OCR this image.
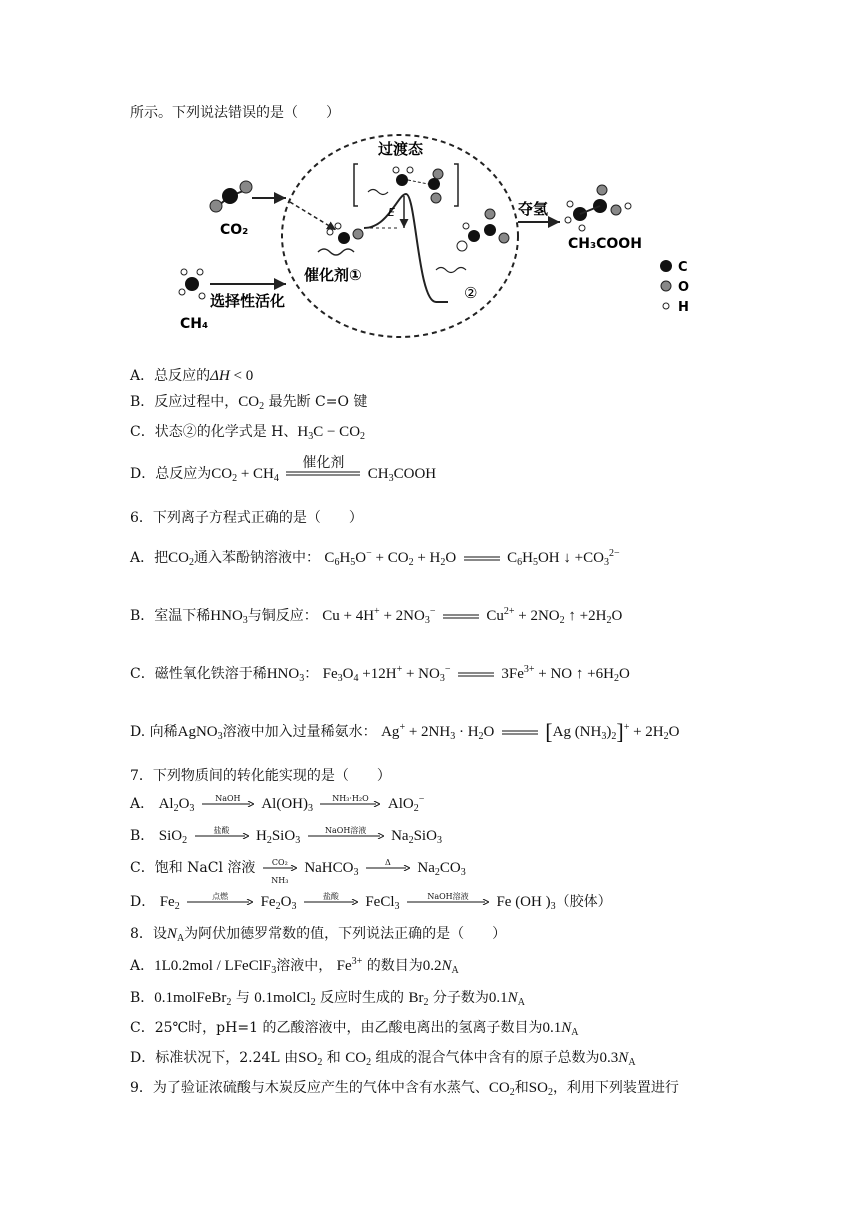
所示。下列说法错误的是（　　）
CO₂
CH₄
选择性活化
催化剂①
E
过渡态
②
夺氢
CH₃COOH
C
O
H
A．总反应的ΔH < 0
B．反应过程中，$CO_2$ 最先断 C=O 键
C．状态②的化学式是 H、$H_3C - CO_2$
D．总反应为$CO_2 + CH_4$
催化剂
$CH_3COOH$
6．下列离子方程式正确的是（　　）
A．把$CO_2$通入苯酚钠溶液中： $C_6H_5O^- + CO_2 + H_2O$	$C_6H_5OH$ ↓ $+CO_3^{2-}$
B．室温下稀$HNO_3$与铜反应： $Cu + 4H^+ + 2NO_3^-$	$Cu^{2+} + 2NO_2$ ↑ $+2H_2O$
C．磁性氧化铁溶于稀$HNO_3$： $Fe_3O_4 +12H^+ + NO_3^-$	$3Fe^{3+}$ + NO ↑ $+6H_2O$
D. 向稀AgNO$_3$溶液中加入过量稀氨水： $Ag^+ + 2NH_3 \cdot H_2O$ [Ag $(NH_3)_2]^+ + 2H_2O$
7．下列物质间的转化能实现的是（　　）
A． $Al_2O_3$
NaOH	$Al(OH)_3$
NH₃·H₂O	AlO$_2$−
B． SiO$_2$
盐酸	$H_2SiO_3$
NaOH溶液	$Na_2SiO_3$
C．饱和 NaCl 溶液	CO₂
NH₃
NaHCO$_3$
Δ	$Na_2CO_3$
D． $Fe_2$
点燃	$Fe_2O_3$
盐酸	FeCl$_3$
NaOH溶液	Fe (OH )$_3$（胶体）
8．设$N_A$为阿伏加德罗常数的值，下列说法正确的是（　　）
A．1L0.2mol / LFeClF$_3$溶液中， $Fe^{3+}$ 的数目为$0.2N_A$
B．0.1molFeBr$_2$ 与 0.1molCl$_2$ 反应时生成的 $Br_2$ 分子数为$0.1N_A$
C．25℃时，pH=1 的乙酸溶液中，由乙酸电离出的氢离子数目为$0.1N_A$
D．标准状况下，2.24L 由$SO_2$ 和 $CO_2$ 组成的混合气体中含有的原子总数为$0.3N_A$
9．为了验证浓硫酸与木炭反应产生的气体中含有水蒸气、$CO_2$和$SO_2$，利用下列装置进行
